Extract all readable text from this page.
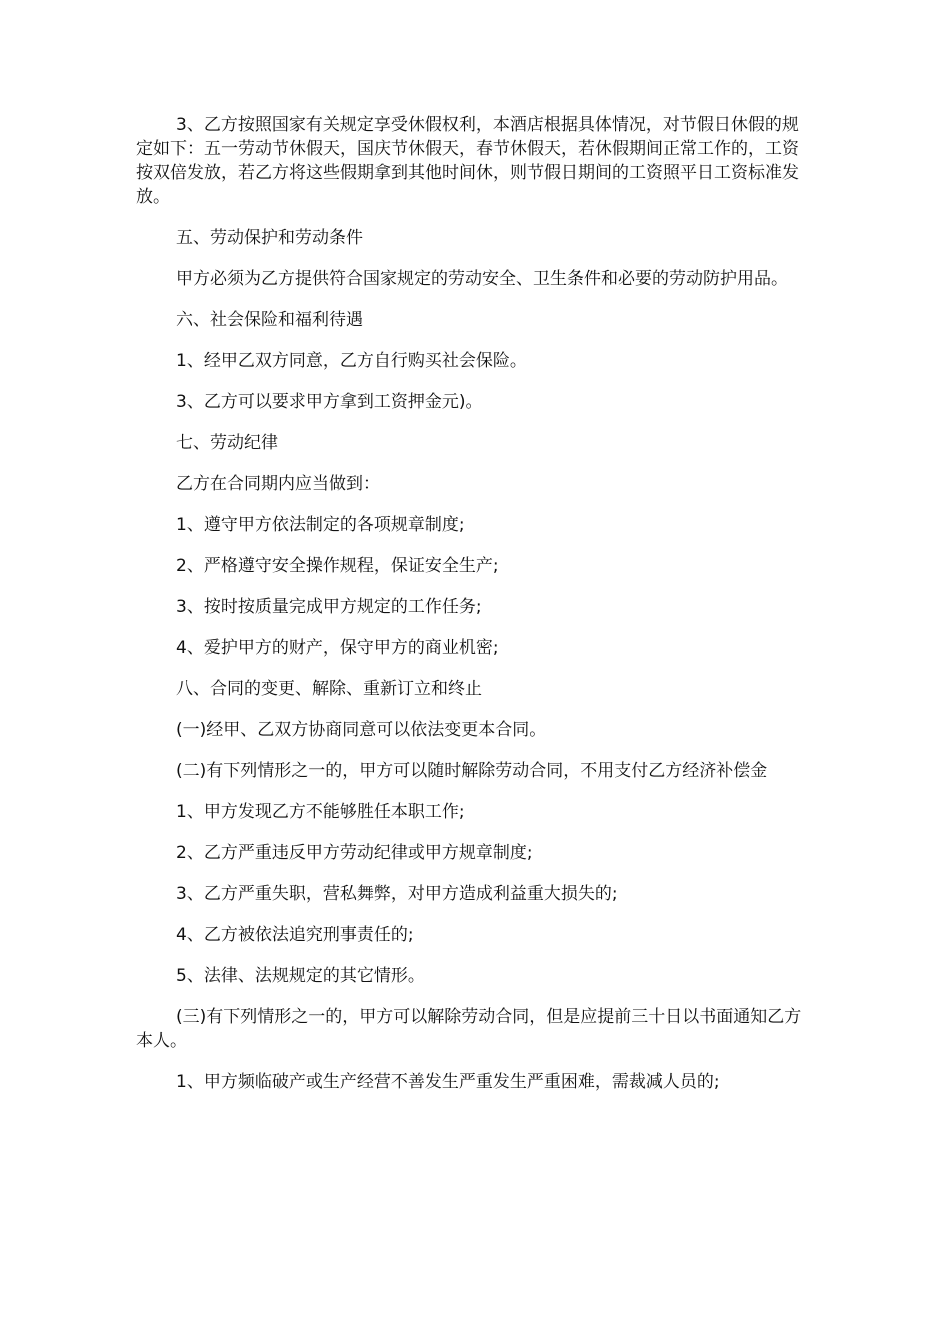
3、乙方按照国家有关规定享受休假权利，本酒店根据具体情况，对节假日休假的规定如下：五一劳动节休假天，国庆节休假天，春节休假天，若休假期间正常工作的，工资按双倍发放，若乙方将这些假期拿到其他时间休，则节假日期间的工资照平日工资标准发放。

五、劳动保护和劳动条件

甲方必须为乙方提供符合国家规定的劳动安全、卫生条件和必要的劳动防护用品。

六、社会保险和福利待遇

1、经甲乙双方同意，乙方自行购买社会保险。

3、乙方可以要求甲方拿到工资押金元)。

七、劳动纪律

乙方在合同期内应当做到：

1、遵守甲方依法制定的各项规章制度;

2、严格遵守安全操作规程，保证安全生产;

3、按时按质量完成甲方规定的工作任务;

4、爱护甲方的财产，保守甲方的商业机密;

八、合同的变更、解除、重新订立和终止

(一)经甲、乙双方协商同意可以依法变更本合同。

(二)有下列情形之一的，甲方可以随时解除劳动合同，不用支付乙方经济补偿金

1、甲方发现乙方不能够胜任本职工作;

2、乙方严重违反甲方劳动纪律或甲方规章制度;

3、乙方严重失职，营私舞弊，对甲方造成利益重大损失的;

4、乙方被依法追究刑事责任的;

5、法律、法规规定的其它情形。

(三)有下列情形之一的，甲方可以解除劳动合同，但是应提前三十日以书面通知乙方本人。

1、甲方频临破产或生产经营不善发生严重发生严重困难，需裁减人员的;
